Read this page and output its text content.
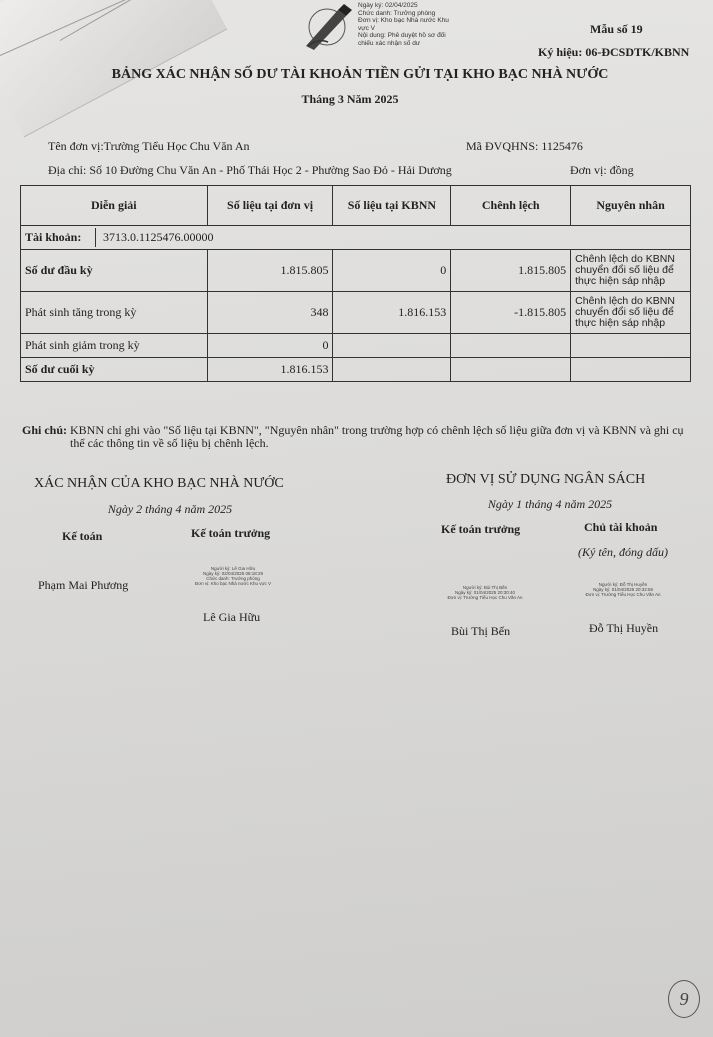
Ngày ký: 02/04/2025
Chức danh: Trưởng phòng
Đơn vị: Kho bạc Nhà nước Khu
vực V
Nội dung: Phê duyệt hồ sơ đối
chiếu xác nhận số dư
Mẫu số 19
Ký hiệu: 06-ĐCSDTK/KBNN
BẢNG XÁC NHẬN SỐ DƯ TÀI KHOẢN TIỀN GỬI TẠI KHO BẠC NHÀ NƯỚC
Tháng 3 Năm 2025
Tên đơn vị:Trường Tiểu Học Chu Văn An	Mã ĐVQHNS: 1125476
Địa chỉ: Số 10 Đường Chu Văn An - Phố Thái Học 2 - Phường Sao Đỏ - Hải Dương	Đơn vị: đồng
Diễn giải	Số liệu tại đơn vị	Số liệu tại KBNN	Chênh lệch	Nguyên nhân
Tài khoản: 3713.0.1125476.00000				
Số dư đầu kỳ	1.815.805	0	1.815.805	Chênh lệch do KBNN chuyển đổi số liệu để thực hiện sáp nhập
Phát sinh tăng trong kỳ	348	1.816.153	-1.815.805	Chênh lệch do KBNN chuyển đổi số liệu để thực hiện sáp nhập
Phát sinh giảm trong kỳ	0			
Số dư cuối kỳ	1.816.153			
Ghi chú: KBNN chỉ ghi vào "Số liệu tại KBNN", "Nguyên nhân" trong trường hợp có chênh lệch số liệu giữa đơn vị và KBNN và ghi cụ
thể các thông tin về số liệu bị chênh lệch.
XÁC NHẬN CỦA KHO BẠC NHÀ NƯỚC
Ngày 2 tháng 4 năm 2025
Kế toán	Kế toán trưởng
Phạm Mai Phương
Người ký: Lê Gia Hữu
Ngày ký: 02/04/2025 08:18:29
Chức danh: Trưởng phòng
Đơn vị: Kho bạc Nhà nước Khu vực V
Lê Gia Hữu
ĐƠN VỊ SỬ DỤNG NGÂN SÁCH
Ngày 1 tháng 4 năm 2025
Kế toán trưởng	Chủ tài khoản
(Ký tên, đóng dấu)
Người ký: Bùi Thị Bến
Ngày ký: 01/04/2025 20:30:40
Đơn vị: Trường Tiểu Học Chu Văn An
Người ký: Đỗ Thị Huyền
Ngày ký: 01/04/2025 20:32:56
Đơn vị: Trường Tiểu Học Chu Văn An
Bùi Thị Bến	Đỗ Thị Huyền
9
